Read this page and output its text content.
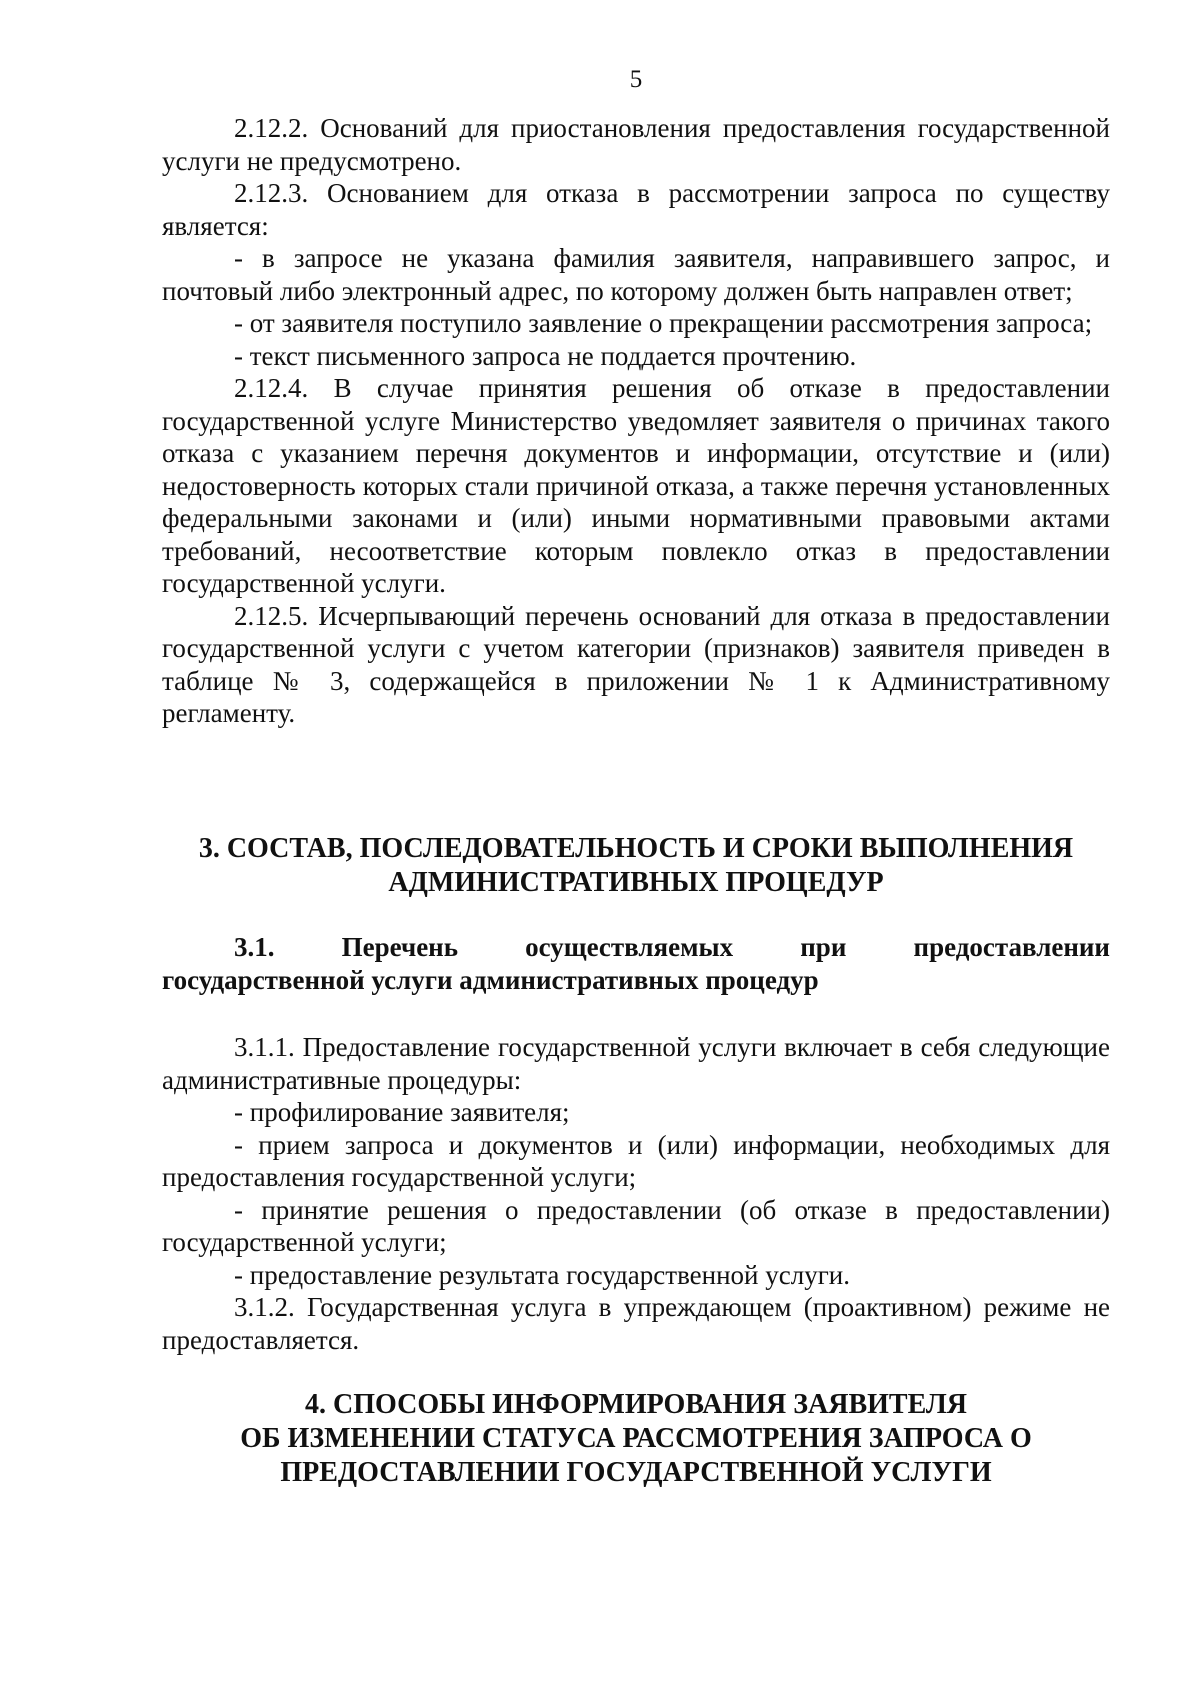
5

2.12.2. Оснований для приостановления предоставления государственной услуги не предусмотрено.

2.12.3. Основанием для отказа в рассмотрении запроса по существу является:

- в запросе не указана фамилия заявителя, направившего запрос, и почтовый либо электронный адрес, по которому должен быть направлен ответ;

- от заявителя поступило заявление о прекращении рассмотрения запроса;

- текст письменного запроса не поддается прочтению.

2.12.4. В случае принятия решения об отказе в предоставлении государственной услуге Министерство уведомляет заявителя о причинах такого отказа с указанием перечня документов и информации, отсутствие и (или) недостоверность которых стали причиной отказа, а также перечня установленных федеральными законами и (или) иными нормативными правовыми актами требований, несоответствие которым повлекло отказ в предоставлении государственной услуги.

2.12.5. Исчерпывающий перечень оснований для отказа в предоставлении государственной услуги с учетом категории (признаков) заявителя приведен в таблице № 3, содержащейся в приложении № 1 к Административному регламенту.

3. СОСТАВ, ПОСЛЕДОВАТЕЛЬНОСТЬ И СРОКИ ВЫПОЛНЕНИЯ
АДМИНИСТРАТИВНЫХ ПРОЦЕДУР
3.1. Перечень осуществляемых при предоставлении
государственной услуги административных процедур

3.1.1. Предоставление государственной услуги включает в себя следующие административные процедуры:

- профилирование заявителя;

- прием запроса и документов и (или) информации, необходимых для предоставления государственной услуги;

- принятие решения о предоставлении (об отказе в предоставлении) государственной услуги;

- предоставление результата государственной услуги.

3.1.2. Государственная услуга в упреждающем (проактивном) режиме не предоставляется.

4. СПОСОБЫ ИНФОРМИРОВАНИЯ ЗАЯВИТЕЛЯ
ОБ ИЗМЕНЕНИИ СТАТУСА РАССМОТРЕНИЯ ЗАПРОСА О
ПРЕДОСТАВЛЕНИИ ГОСУДАРСТВЕННОЙ УСЛУГИ
